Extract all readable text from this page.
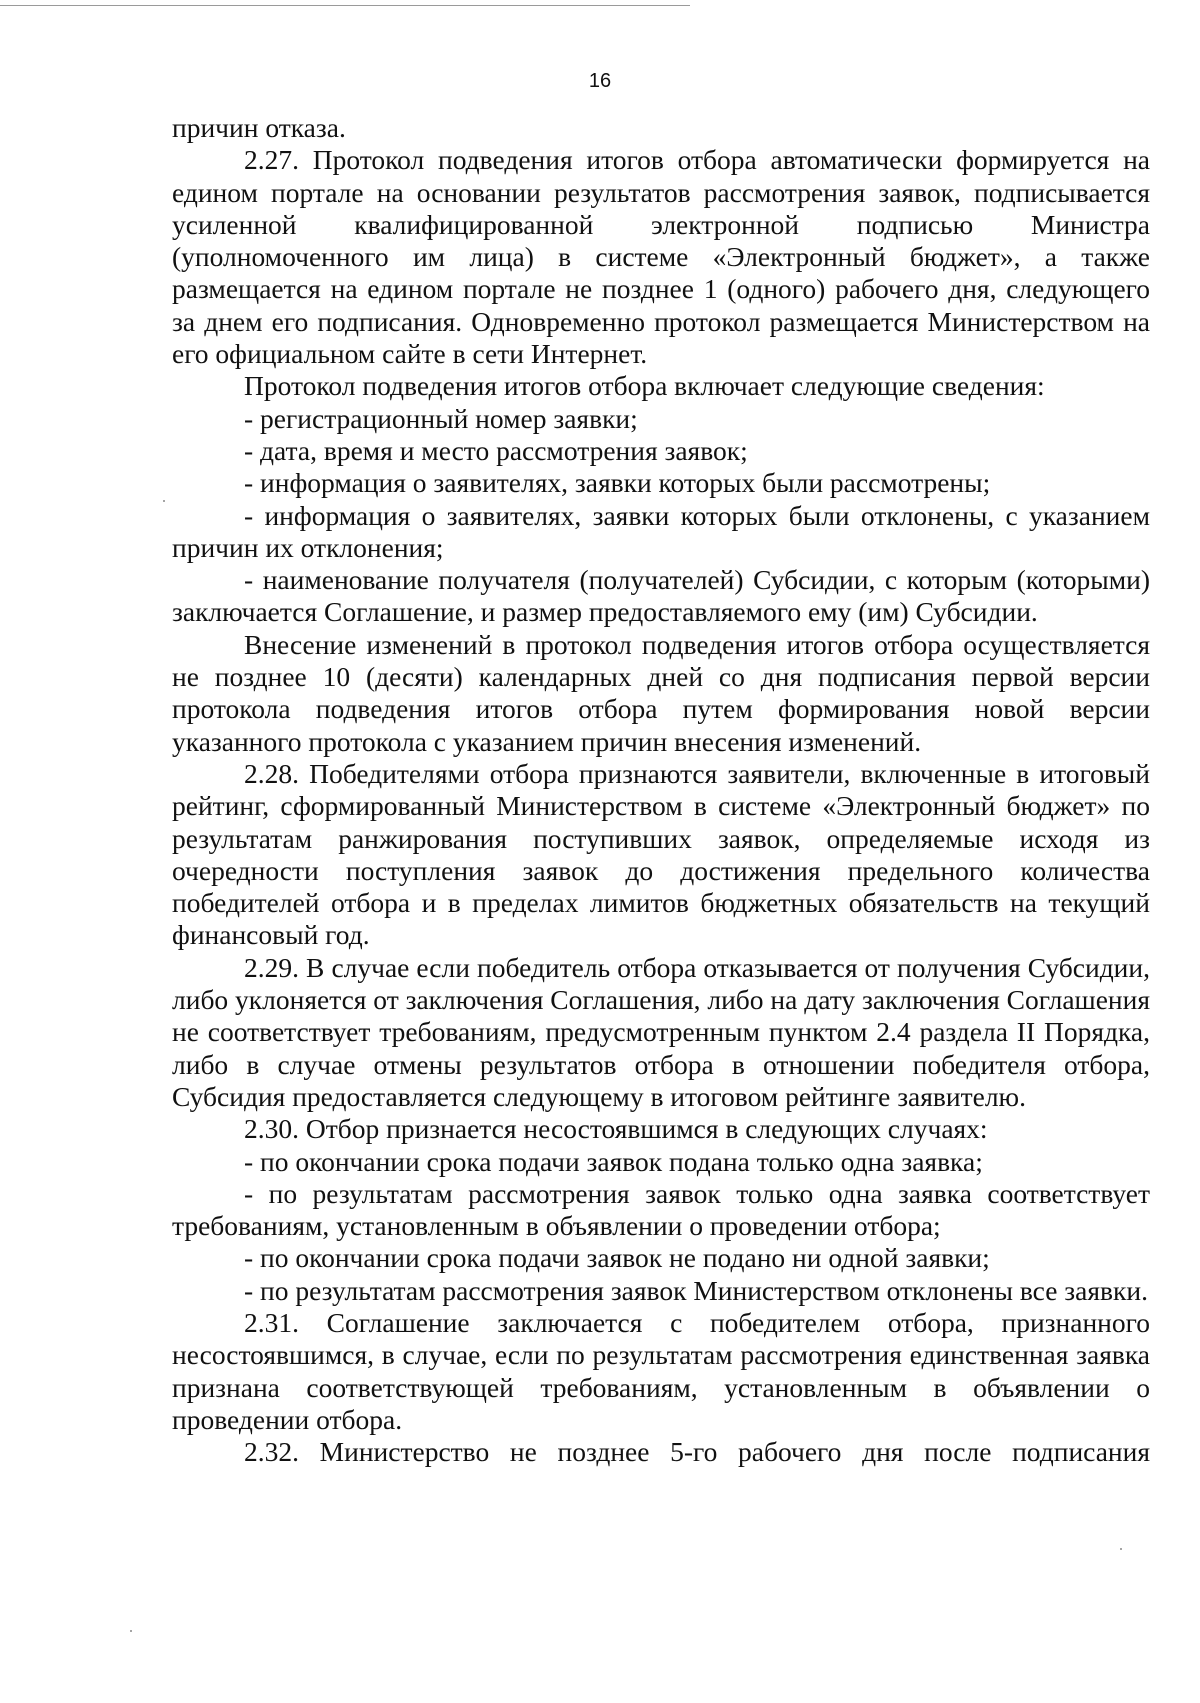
16

причин отказа.

2.27. Протокол подведения итогов отбора автоматически формируется на едином портале на основании результатов рассмотрения заявок, подписывается усиленной квалифицированной электронной подписью Министра (уполномоченного им лица) в системе «Электронный бюджет», а также размещается на едином портале не позднее 1 (одного) рабочего дня, следующего за днем его подписания. Одновременно протокол размещается Министерством на его официальном сайте в сети Интернет.

Протокол подведения итогов отбора включает следующие сведения:

- регистрационный номер заявки;

- дата, время и место рассмотрения заявок;

- информация о заявителях, заявки которых были рассмотрены;

- информация о заявителях, заявки которых были отклонены, с указанием причин их отклонения;

- наименование получателя (получателей) Субсидии, с которым (которыми) заключается Соглашение, и размер предоставляемого ему (им) Субсидии.

Внесение изменений в протокол подведения итогов отбора осуществляется не позднее 10 (десяти) календарных дней со дня подписания первой версии протокола подведения итогов отбора путем формирования новой версии указанного протокола с указанием причин внесения изменений.

2.28. Победителями отбора признаются заявители, включенные в итоговый рейтинг, сформированный Министерством в системе «Электронный бюджет» по результатам ранжирования поступивших заявок, определяемые исходя из очередности поступления заявок до достижения предельного количества победителей отбора и в пределах лимитов бюджетных обязательств на текущий финансовый год.

2.29. В случае если победитель отбора отказывается от получения Субсидии, либо уклоняется от заключения Соглашения, либо на дату заключения Соглашения не соответствует требованиям, предусмотренным пунктом 2.4 раздела II Порядка, либо в случае отмены результатов отбора в отношении победителя отбора, Субсидия предоставляется следующему в итоговом рейтинге заявителю.

2.30. Отбор признается несостоявшимся в следующих случаях:

- по окончании срока подачи заявок подана только одна заявка;

- по результатам рассмотрения заявок только одна заявка соответствует требованиям, установленным в объявлении о проведении отбора;

- по окончании срока подачи заявок не подано ни одной заявки;

- по результатам рассмотрения заявок Министерством отклонены все заявки.

2.31. Соглашение заключается с победителем отбора, признанного несостоявшимся, в случае, если по результатам рассмотрения единственная заявка признана соответствующей требованиям, установленным в объявлении о проведении отбора.

2.32. Министерство не позднее 5-го рабочего дня после подписания
